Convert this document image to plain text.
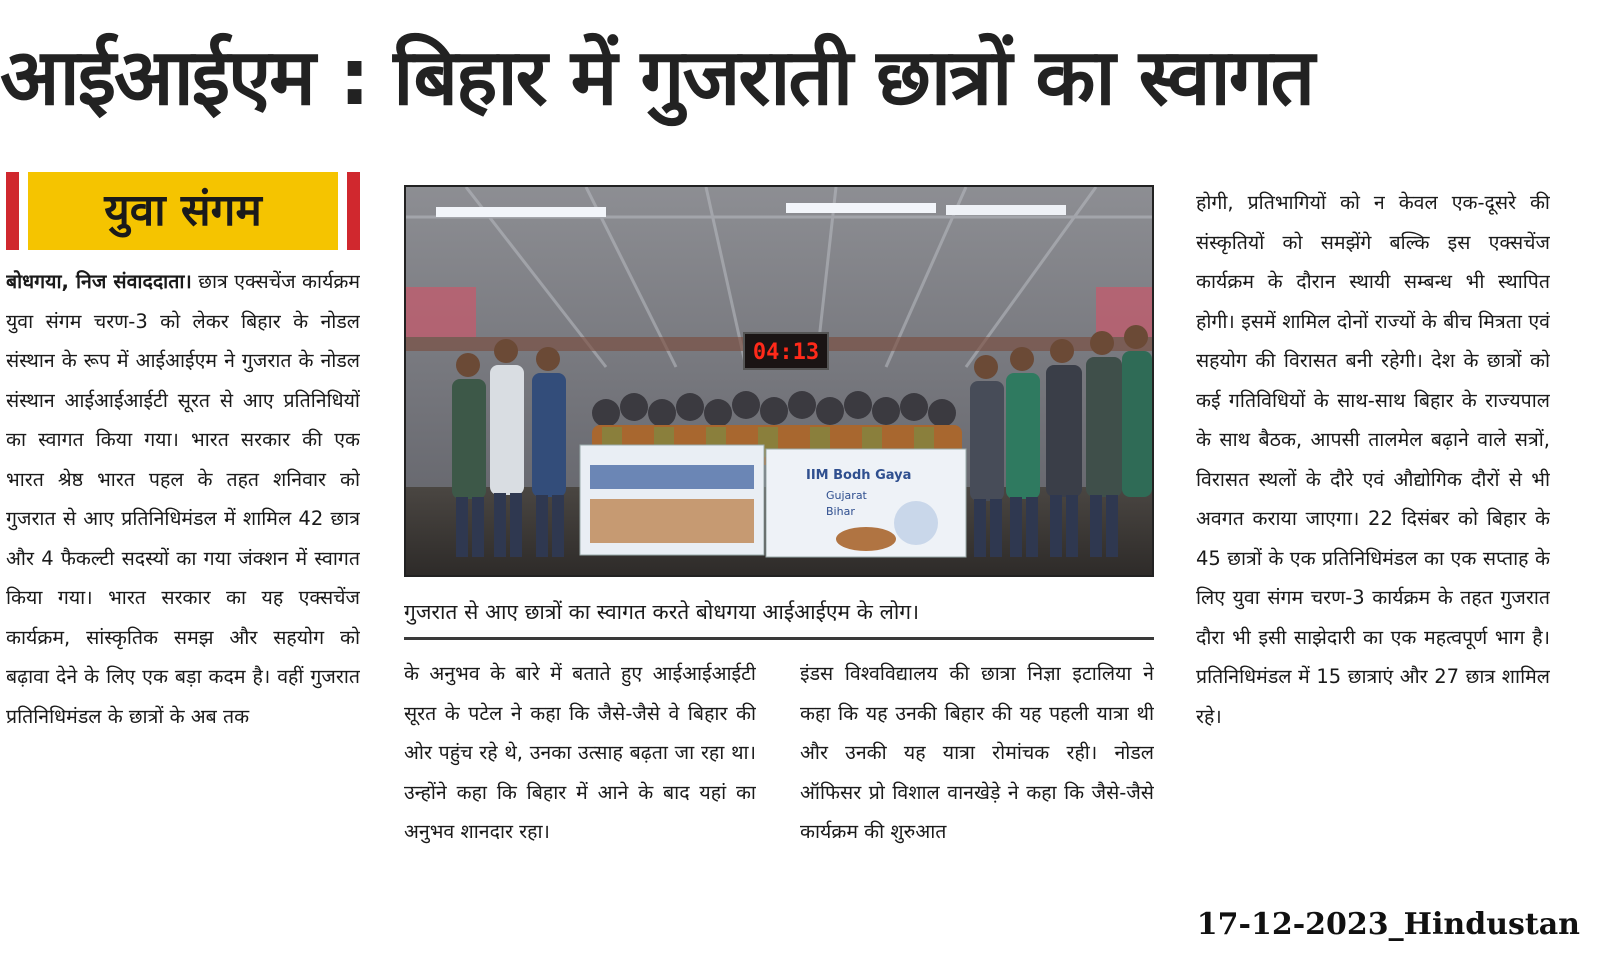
आईआईएम : बिहार में गुजराती छात्रों का स्वागत
युवा संगम
बोधगया, निज संवाददाता। छात्र एक्सचेंज कार्यक्रम युवा संगम चरण-3 को लेकर बिहार के नोडल संस्थान के रूप में आईआईएम ने गुजरात के नोडल संस्थान आईआईआईटी सूरत से आए प्रतिनिधियों का स्वागत किया गया। भारत सरकार की एक भारत श्रेष्ठ भारत पहल के तहत शनिवार को गुजरात से आए प्रतिनिधिमंडल में शामिल 42 छात्र और 4 फैकल्टी सदस्यों का गया जंक्शन में स्वागत किया गया। भारत सरकार का यह एक्सचेंज कार्यक्रम, सांस्कृतिक समझ और सहयोग को बढ़ावा देने के लिए एक बड़ा कदम है। वहीं गुजरात प्रतिनिधिमंडल के छात्रों के अब तक
04:13
IIM Bodh Gaya
Gujarat
Bihar
गुजरात से आए छात्रों का स्वागत करते बोधगया आईआईएम के लोग।
के अनुभव के बारे में बताते हुए आईआईआईटी सूरत के पटेल ने कहा कि जैसे-जैसे वे बिहार की ओर पहुंच रहे थे, उनका उत्साह बढ़ता जा रहा था। उन्होंने कहा कि बिहार में आने के बाद यहां का अनुभव शानदार रहा।
इंडस विश्वविद्यालय की छात्रा निज्ञा इटालिया ने कहा कि यह उनकी बिहार की यह पहली यात्रा थी और उनकी यह यात्रा रोमांचक रही। नोडल ऑफिसर प्रो विशाल वानखेड़े ने कहा कि जैसे-जैसे कार्यक्रम की शुरुआत
होगी, प्रतिभागियों को न केवल एक-दूसरे की संस्कृतियों को समझेंगे बल्कि इस एक्सचेंज कार्यक्रम के दौरान स्थायी सम्बन्ध भी स्थापित होगी। इसमें शामिल दोनों राज्यों के बीच मित्रता एवं सहयोग की विरासत बनी रहेगी। देश के छात्रों को कई गतिविधियों के साथ-साथ बिहार के राज्यपाल के साथ बैठक, आपसी तालमेल बढ़ाने वाले सत्रों, विरासत स्थलों के दौरे एवं औद्योगिक दौरों से भी अवगत कराया जाएगा। 22 दिसंबर को बिहार के 45 छात्रों के एक प्रतिनिधिमंडल का एक सप्ताह के लिए युवा संगम चरण-3 कार्यक्रम के तहत गुजरात दौरा भी इसी साझेदारी का एक महत्वपूर्ण भाग है। प्रतिनिधिमंडल में 15 छात्राएं और 27 छात्र शामिल रहे।
17-12-2023_Hindustan
